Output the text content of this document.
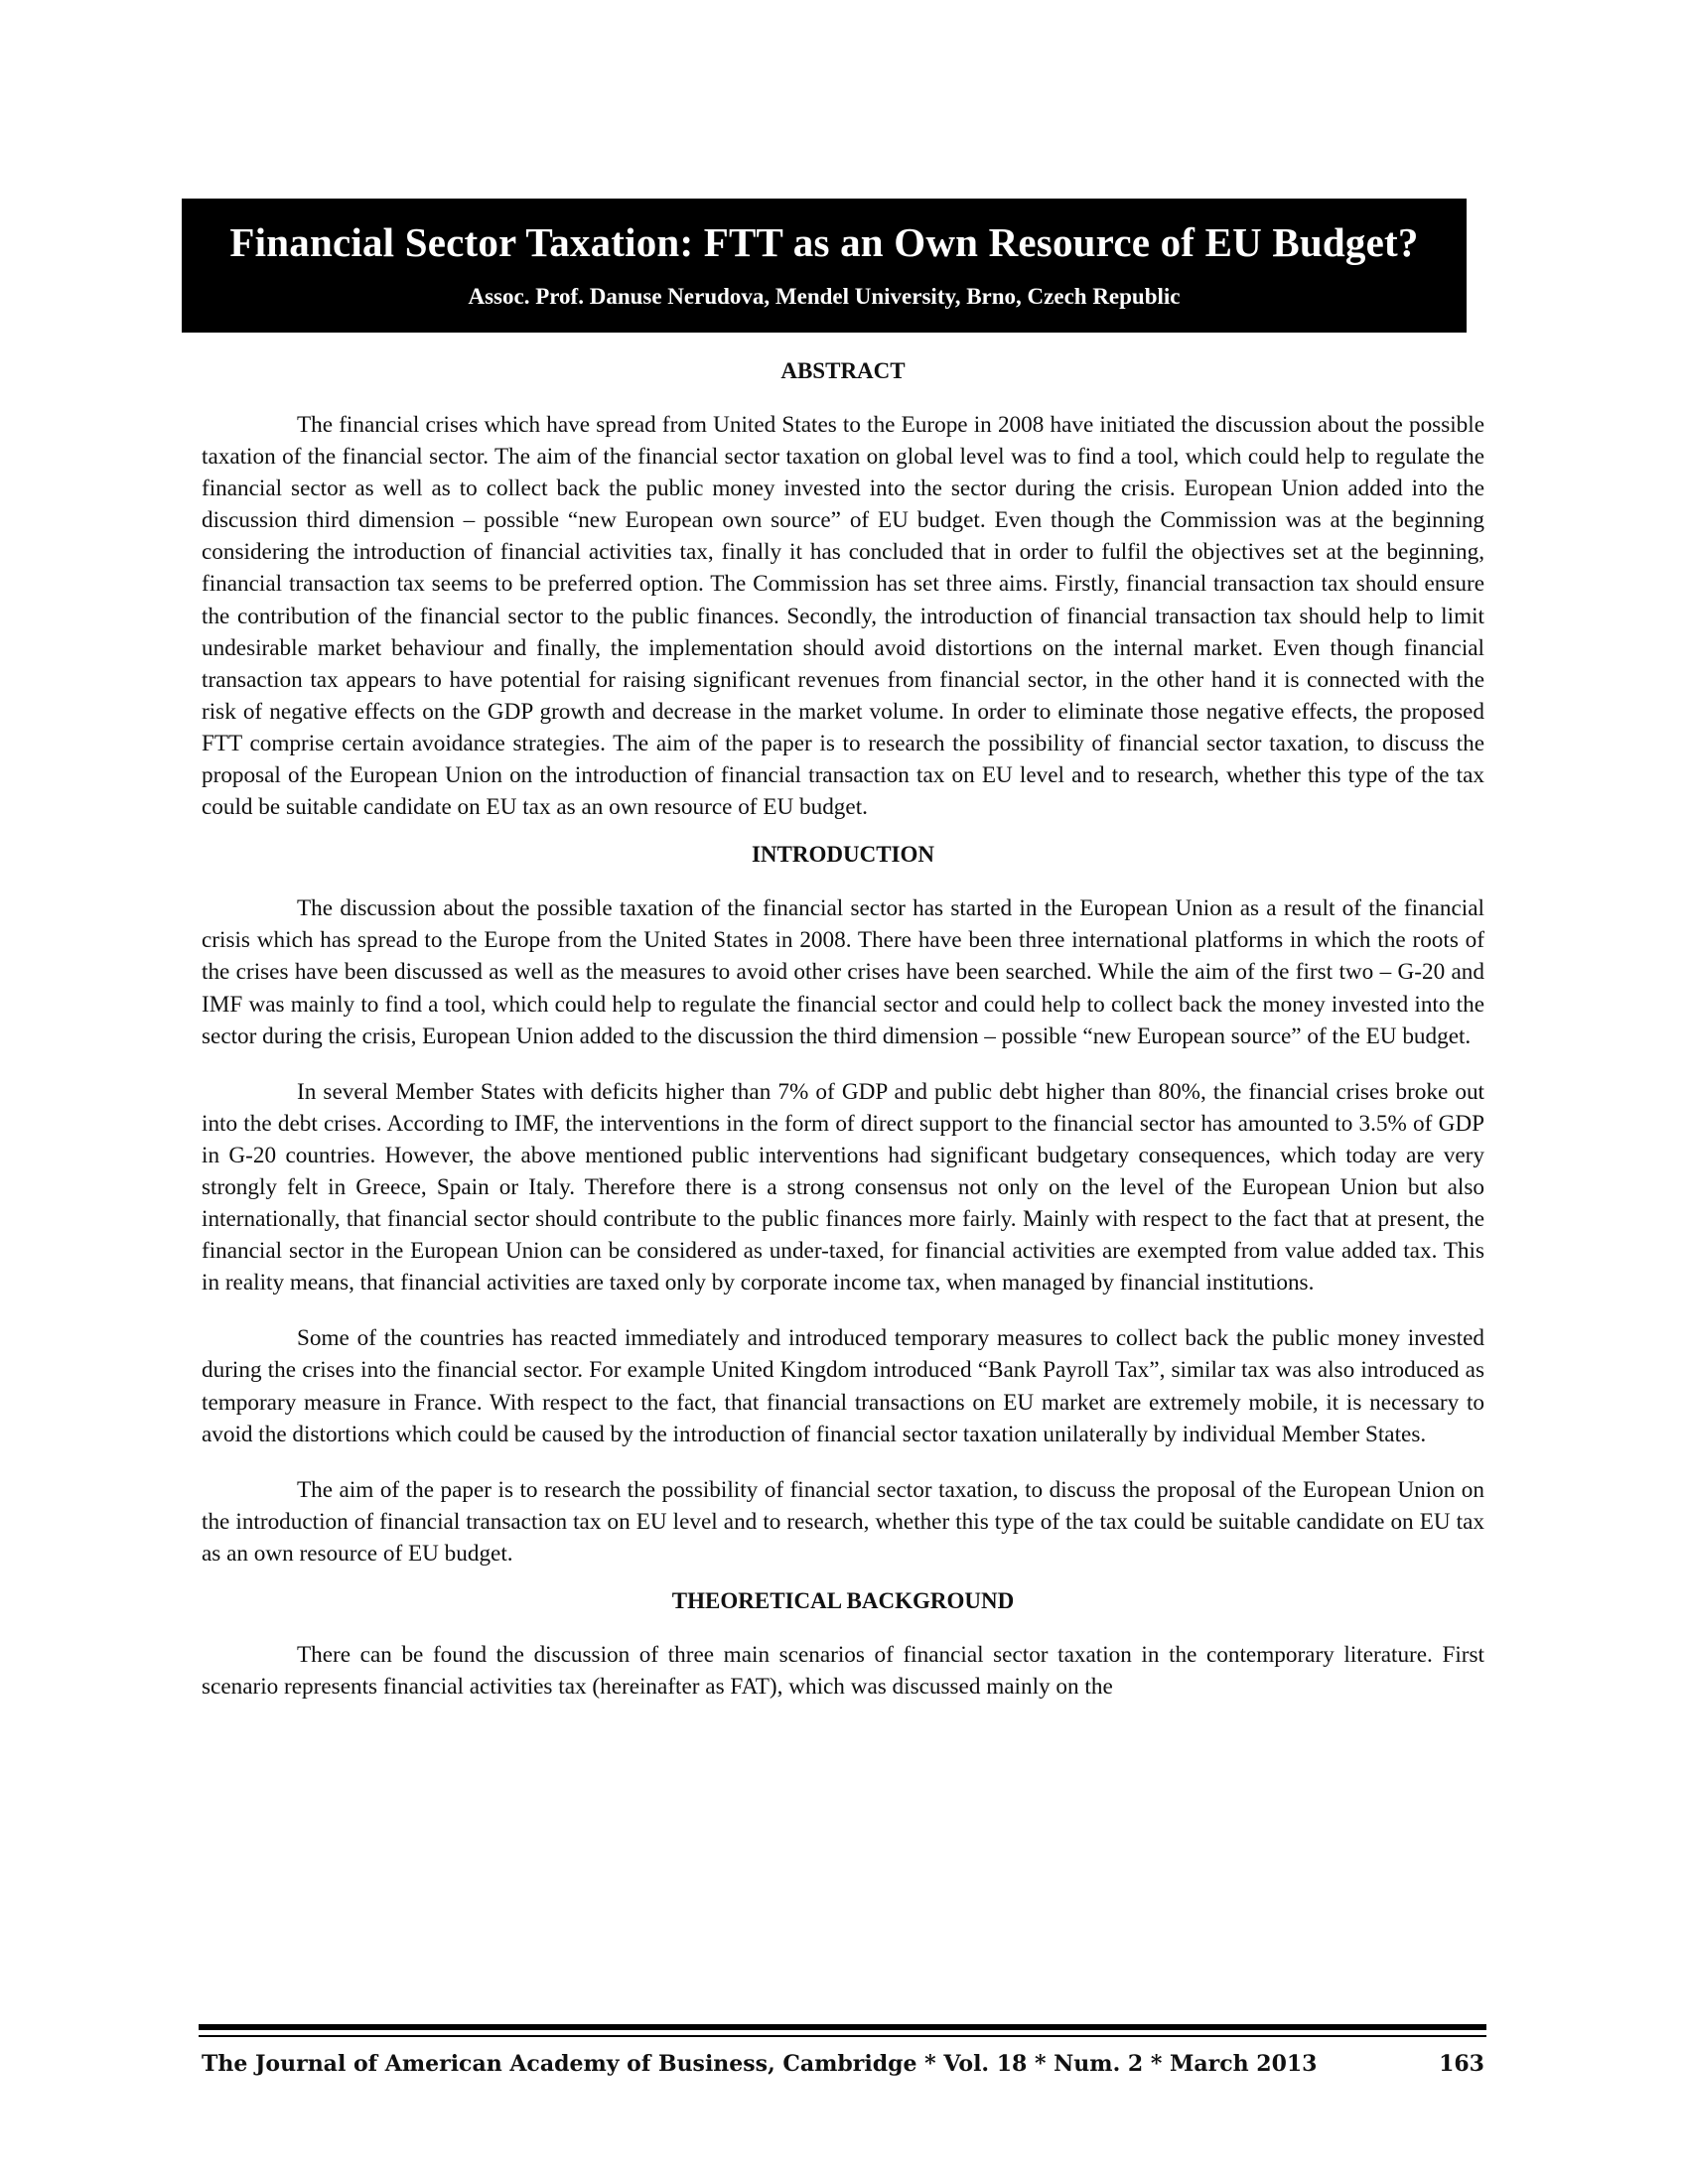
Financial Sector Taxation: FTT as an Own Resource of EU Budget?
Assoc. Prof. Danuse Nerudova, Mendel University, Brno, Czech Republic
ABSTRACT

The financial crises which have spread from United States to the Europe in 2008 have initiated the discussion about the possible taxation of the financial sector. The aim of the financial sector taxation on global level was to find a tool, which could help to regulate the financial sector as well as to collect back the public money invested into the sector during the crisis. European Union added into the discussion third dimension – possible “new European own source” of EU budget. Even though the Commission was at the beginning considering the introduction of financial activities tax, finally it has concluded that in order to fulfil the objectives set at the beginning, financial transaction tax seems to be preferred option. The Commission has set three aims. Firstly, financial transaction tax should ensure the contribution of the financial sector to the public finances. Secondly, the introduction of financial transaction tax should help to limit undesirable market behaviour and finally, the implementation should avoid distortions on the internal market. Even though financial transaction tax appears to have potential for raising significant revenues from financial sector, in the other hand it is connected with the risk of negative effects on the GDP growth and decrease in the market volume. In order to eliminate those negative effects, the proposed FTT comprise certain avoidance strategies. The aim of the paper is to research the possibility of financial sector taxation, to discuss the proposal of the European Union on the introduction of financial transaction tax on EU level and to research, whether this type of the tax could be suitable candidate on EU tax as an own resource of EU budget.

INTRODUCTION

The discussion about the possible taxation of the financial sector has started in the European Union as a result of the financial crisis which has spread to the Europe from the United States in 2008. There have been three international platforms in which the roots of the crises have been discussed as well as the measures to avoid other crises have been searched. While the aim of the first two – G-20 and IMF was mainly to find a tool, which could help to regulate the financial sector and could help to collect back the money invested into the sector during the crisis, European Union added to the discussion the third dimension – possible “new European source” of the EU budget.

In several Member States with deficits higher than 7% of GDP and public debt higher than 80%, the financial crises broke out into the debt crises. According to IMF, the interventions in the form of direct support to the financial sector has amounted to 3.5% of GDP in G-20 countries. However, the above mentioned public interventions had significant budgetary consequences, which today are very strongly felt in Greece, Spain or Italy. Therefore there is a strong consensus not only on the level of the European Union but also internationally, that financial sector should contribute to the public finances more fairly. Mainly with respect to the fact that at present, the financial sector in the European Union can be considered as under-taxed, for financial activities are exempted from value added tax. This in reality means, that financial activities are taxed only by corporate income tax, when managed by financial institutions.

Some of the countries has reacted immediately and introduced temporary measures to collect back the public money invested during the crises into the financial sector. For example United Kingdom introduced “Bank Payroll Tax”, similar tax was also introduced as temporary measure in France. With respect to the fact, that financial transactions on EU market are extremely mobile, it is necessary to avoid the distortions which could be caused by the introduction of financial sector taxation unilaterally by individual Member States.

The aim of the paper is to research the possibility of financial sector taxation, to discuss the proposal of the European Union on the introduction of financial transaction tax on EU level and to research, whether this type of the tax could be suitable candidate on EU tax as an own resource of EU budget.

THEORETICAL BACKGROUND

There can be found the discussion of three main scenarios of financial sector taxation in the contemporary literature. First scenario represents financial activities tax (hereinafter as FAT), which was discussed mainly on the

The Journal of American Academy of Business, Cambridge * Vol. 18 * Num. 2 * March 2013	163
